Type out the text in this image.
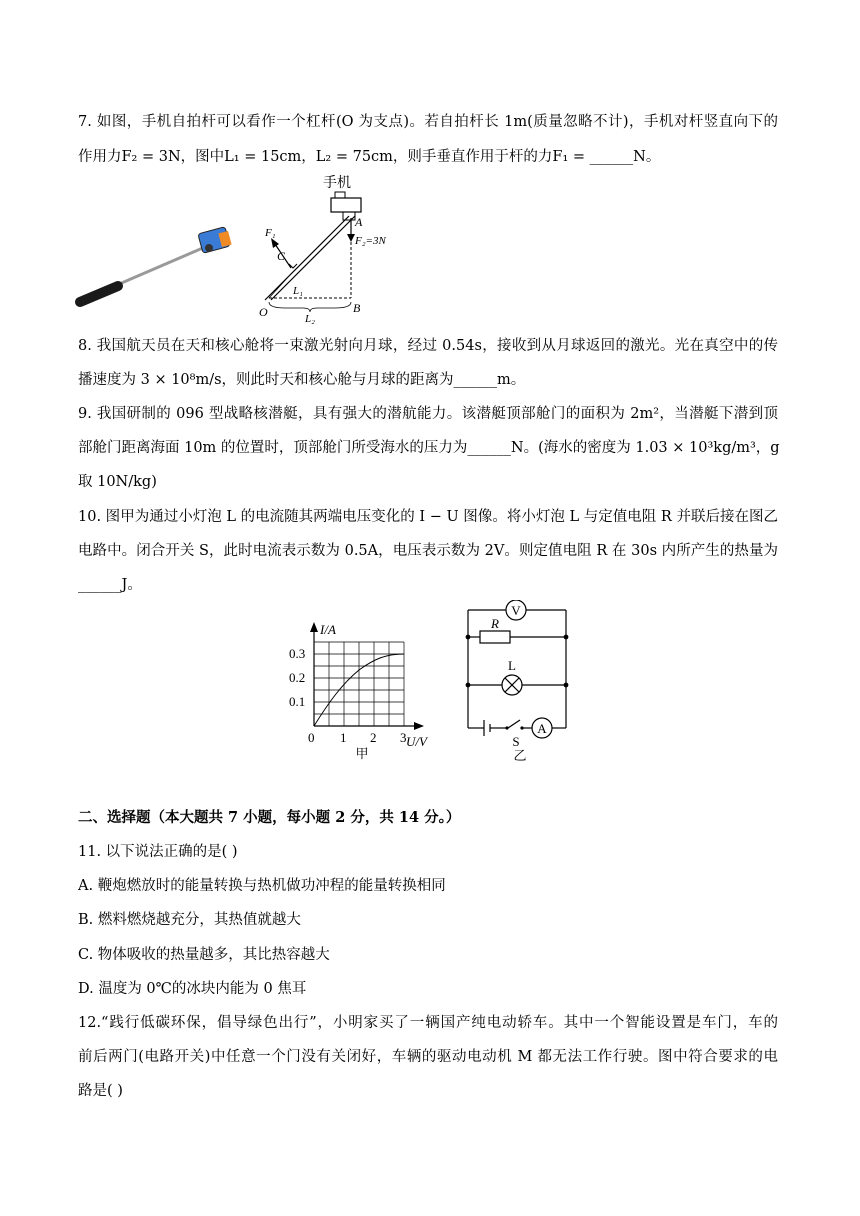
7. 如图，手机自拍杆可以看作一个杠杆(O 为支点)。若自拍杆长 1m(质量忽略不计)，手机对杆竖直向下的
作用力F₂ = 3N，图中L₁ = 15cm，L₂ = 75cm，则手垂直作用于杆的力F₁ = ______N。
手机
A
C
O	B
F₁
F₂=3N
L₁
L₂
8. 我国航天员在天和核心舱将一束激光射向月球，经过 0.54s，接收到从月球返回的激光。光在真空中的传
播速度为 3 × 10⁸m/s，则此时天和核心舱与月球的距离为______m。
9. 我国研制的 096 型战略核潜艇，具有强大的潜航能力。该潜艇顶部舱门的面积为 2m²，当潜艇下潜到顶
部舱门距离海面 10m 的位置时，顶部舱门所受海水的压力为______N。(海水的密度为 1.03 × 10³kg/m³，g
取 10N/kg)
10. 图甲为通过小灯泡 L 的电流随其两端电压变化的 I − U 图像。将小灯泡 L 与定值电阻 R 并联后接在图乙
电路中。闭合开关 S，此时电流表示数为 0.5A，电压表示数为 2V。则定值电阻 R 在 30s 内所产生的热量为
______J。
I/A
0.3
0.2
0.1
0 1 2 3 U/V
甲
V
R
L
S
A
乙
二、选择题（本大题共 7 小题，每小题 2 分，共 14 分。）
11. 以下说法正确的是( )
A. 鞭炮燃放时的能量转换与热机做功冲程的能量转换相同
B. 燃料燃烧越充分，其热值就越大
C. 物体吸收的热量越多，其比热容越大
D. 温度为 0℃的冰块内能为 0 焦耳
12.“践行低碳环保，倡导绿色出行”，小明家买了一辆国产纯电动轿车。其中一个智能设置是车门，车的
前后两门(电路开关)中任意一个门没有关闭好，车辆的驱动电动机 M 都无法工作行驶。图中符合要求的电
路是( )
